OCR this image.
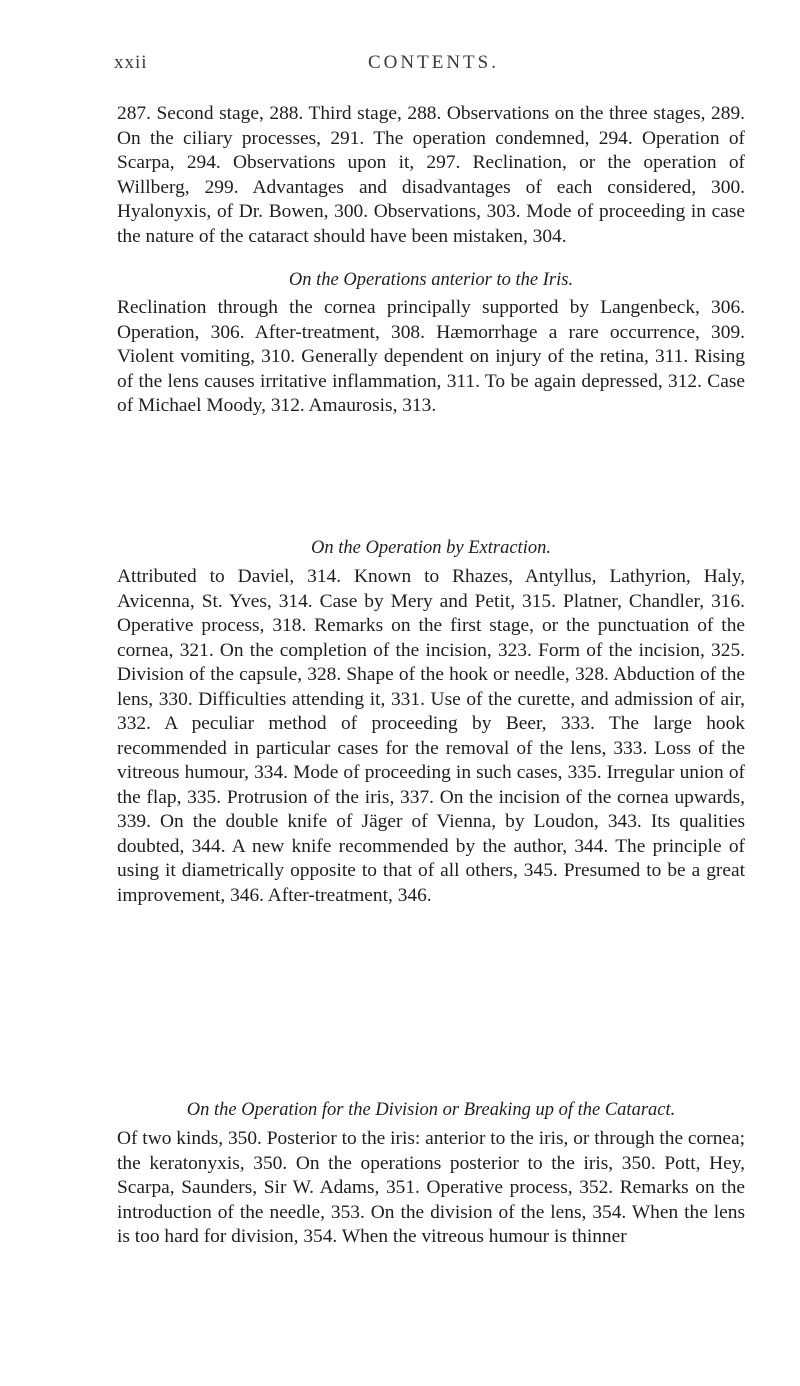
xxii	CONTENTS.

287. Second stage, 288. Third stage, 288. Observations on the three stages, 289. On the ciliary processes, 291. The operation condemned, 294. Operation of Scarpa, 294. Observations upon it, 297. Reclination, or the operation of Willberg, 299. Advantages and disadvantages of each considered, 300. Hyalonyxis, of Dr. Bowen, 300. Observations, 303. Mode of proceeding in case the nature of the cataract should have been mistaken, 304.

On the Operations anterior to the Iris.

Reclination through the cornea principally supported by Langenbeck, 306. Operation, 306. After-treatment, 308. Hæmorrhage a rare occurrence, 309. Violent vomiting, 310. Generally dependent on injury of the retina, 311. Rising of the lens causes irritative inflammation, 311. To be again depressed, 312. Case of Michael Moody, 312. Amaurosis, 313.

On the Operation by Extraction.

Attributed to Daviel, 314. Known to Rhazes, Antyllus, Lathyrion, Haly, Avicenna, St. Yves, 314. Case by Mery and Petit, 315. Platner, Chandler, 316. Operative process, 318. Remarks on the first stage, or the punctuation of the cornea, 321. On the completion of the incision, 323. Form of the incision, 325. Division of the capsule, 328. Shape of the hook or needle, 328. Abduction of the lens, 330. Difficulties attending it, 331. Use of the curette, and admission of air, 332. A peculiar method of proceeding by Beer, 333. The large hook recommended in particular cases for the removal of the lens, 333. Loss of the vitreous humour, 334. Mode of proceeding in such cases, 335. Irregular union of the flap, 335. Protrusion of the iris, 337. On the incision of the cornea upwards, 339. On the double knife of Jäger of Vienna, by Loudon, 343. Its qualities doubted, 344. A new knife recommended by the author, 344. The principle of using it diametrically opposite to that of all others, 345. Presumed to be a great improvement, 346. After-treatment, 346.

On the Operation for the Division or Breaking up of the Cataract.

Of two kinds, 350. Posterior to the iris: anterior to the iris, or through the cornea; the keratonyxis, 350. On the operations posterior to the iris, 350. Pott, Hey, Scarpa, Saunders, Sir W. Adams, 351. Operative process, 352. Remarks on the introduction of the needle, 353. On the division of the lens, 354. When the lens is too hard for division, 354. When the vitreous humour is thinner
